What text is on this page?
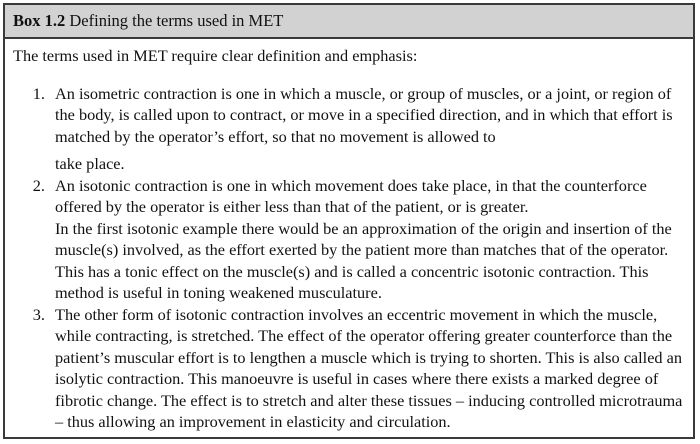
Box 1.2 Defining the terms used in MET

The terms used in MET require clear definition and emphasis:

1. An isometric contraction is one in which a muscle, or group of muscles, or a joint, or region of the body, is called upon to contract, or move in a specified direction, and in which that effort is matched by the operator’s effort, so that no movement is allowed to

take place.

2. An isotonic contraction is one in which movement does take place, in that the counterforce offered by the operator is either less than that of the patient, or is greater.

In the first isotonic example there would be an approximation of the origin and insertion of the muscle(s) involved, as the effort exerted by the patient more than matches that of the operator. This has a tonic effect on the muscle(s) and is called a concentric isotonic contraction. This method is useful in toning weakened musculature.

3. The other form of isotonic contraction involves an eccentric movement in which the muscle, while contracting, is stretched. The effect of the operator offering greater counterforce than the patient’s muscular effort is to lengthen a muscle which is trying to shorten. This is also called an isolytic contraction. This manoeuvre is useful in cases where there exists a marked degree of fibrotic change. The effect is to stretch and alter these tissues – inducing controlled microtrauma – thus allowing an improvement in elasticity and circulation.
